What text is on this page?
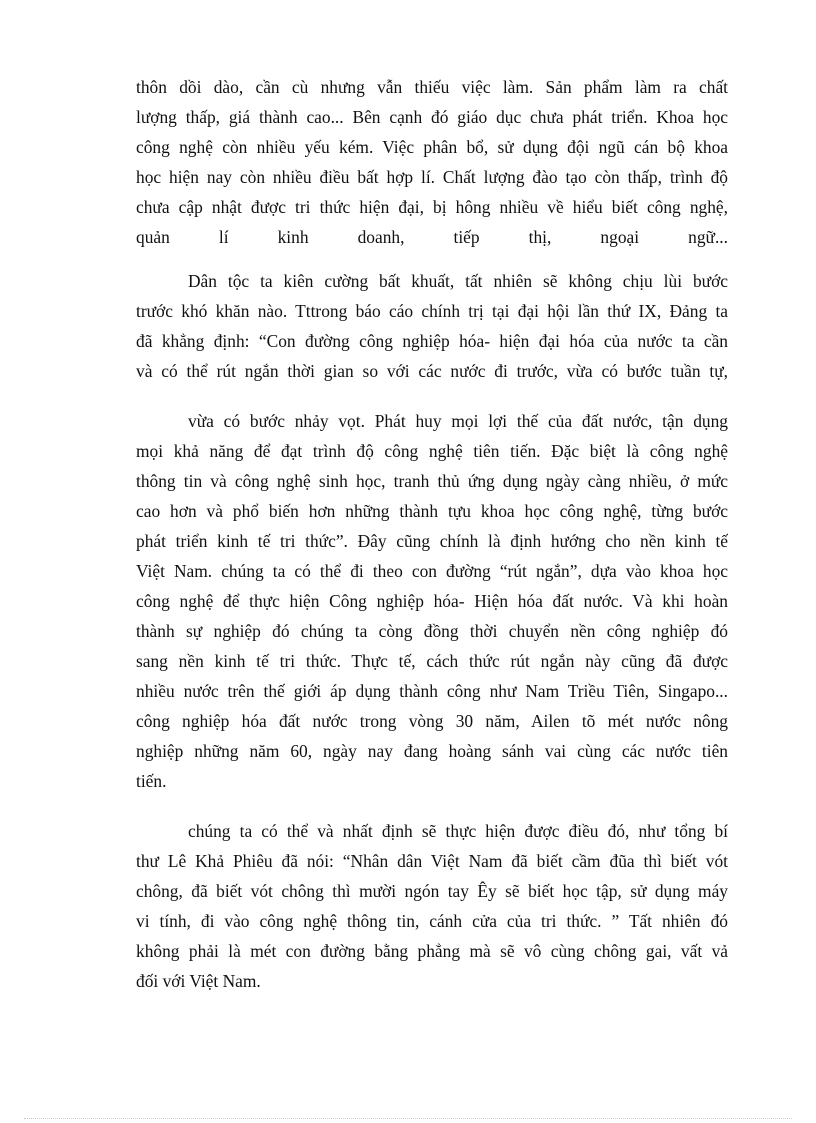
thôn dồi dào, cần cù nhưng vẫn thiếu việc làm. Sản phẩm làm ra chất
lượng thấp, giá thành cao... Bên cạnh đó giáo dục chưa phát triển. Khoa học
công nghệ còn nhiều yếu kém. Việc phân bổ, sử dụng đội ngũ cán bộ khoa
học hiện nay còn nhiều điều bất hợp lí. Chất lượng đào tạo còn thấp, trình độ
chưa cập nhật được tri thức hiện đại, bị hông nhiều về hiểu biết công nghệ,
quản lí kinh doanh, tiếp thị, ngoại ngữ...
Dân tộc ta kiên cường bất khuất, tất nhiên sẽ không chịu lùi bước
trước khó khăn nào. Tttrong báo cáo chính trị tại đại hội lần thứ IX, Đảng ta
đã khẳng định: “Con đường công nghiệp hóa- hiện đại hóa của nước ta cần
và có thể rút ngắn thời gian so với các nước đi trước, vừa có bước tuần tự,
vừa có bước nhảy vọt. Phát huy mọi lợi thế của đất nước, tận dụng
mọi khả năng để đạt trình độ công nghệ tiên tiến. Đặc biệt là công nghệ
thông tin và công nghệ sinh học, tranh thủ ứng dụng ngày càng nhiều, ở mức
cao hơn và phổ biến hơn những thành tựu khoa học công nghệ, từng bước
phát triển kinh tế tri thức”. Đây cũng chính là định hướng cho nền kinh tế
Việt Nam. chúng ta có thể đi theo con đường “rút ngắn”, dựa vào khoa học
công nghệ để thực hiện Công nghiệp hóa- Hiện hóa đất nước. Và khi hoàn
thành sự nghiệp đó chúng ta còng đồng thời chuyển nền công nghiệp đó
sang nền kinh tế tri thức. Thực tế, cách thức rút ngắn này cũng đã được
nhiều nước trên thế giới áp dụng thành công như Nam Triều Tiên, Singapo...
công nghiệp hóa đất nước trong vòng 30 năm, Ailen tõ mét nước nông
nghiệp những năm 60, ngày nay đang hoàng sánh vai cùng các nước tiên
tiến.
chúng ta có thể và nhất định sẽ thực hiện được điều đó, như tổng bí
thư Lê Khả Phiêu đã nói: “Nhân dân Việt Nam đã biết cầm đũa thì biết vót
chông, đã biết vót chông thì mười ngón tay Êy sẽ biết học tập, sử dụng máy
vi tính, đi vào công nghệ thông tin, cánh cửa của tri thức. ” Tất nhiên đó
không phải là mét con đường bằng phẳng mà sẽ vô cùng chông gai, vất vả
đối với Việt Nam.
